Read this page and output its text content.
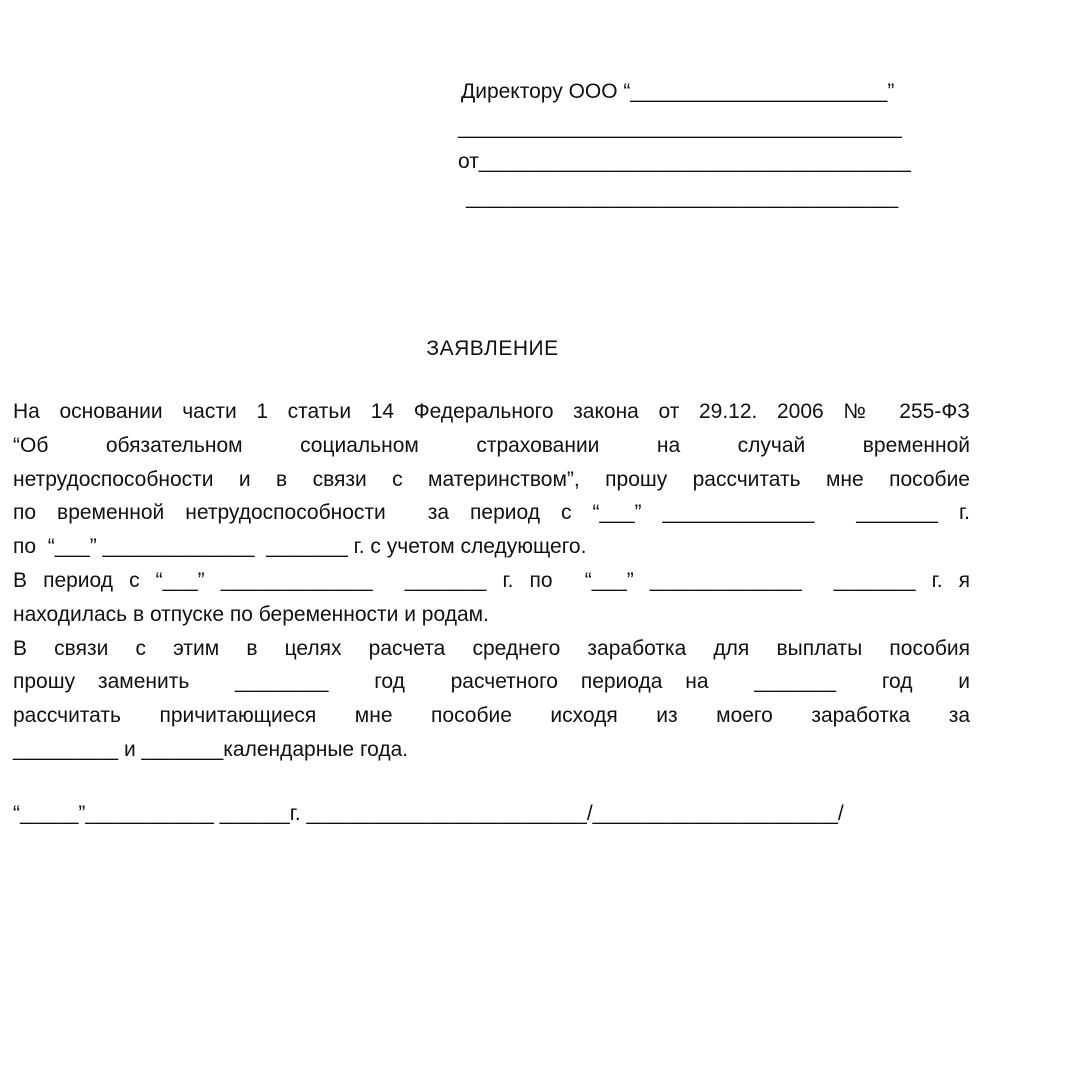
Директору ООО “______________________”
______________________________________
от_____________________________________
_____________________________________
ЗАЯВЛЕНИЕ
На основании части 1 статьи 14 Федерального закона от 29.12. 2006 № 255-ФЗ
“Об обязательном социальном страховании на случай временной
нетрудоспособности и в связи с материнством”, прошу рассчитать мне пособие
по временной нетрудоспособности  за период с “___” _____________  _______ г.
по  “___” _____________  _______ г. с учетом следующего.
В период с “___” _____________  _______ г. по  “___” _____________  _______ г. я
находилась в отпуске по беременности и родам.
В связи с этим в целях расчета среднего заработка для выплаты пособия
прошу заменить  ________  год  расчетного периода на  _______  год  и
рассчитать причитающиеся мне пособие исходя из моего заработка за
_________ и _______календарные года.
“_____”___________ ______г. ________________________/_____________________/
